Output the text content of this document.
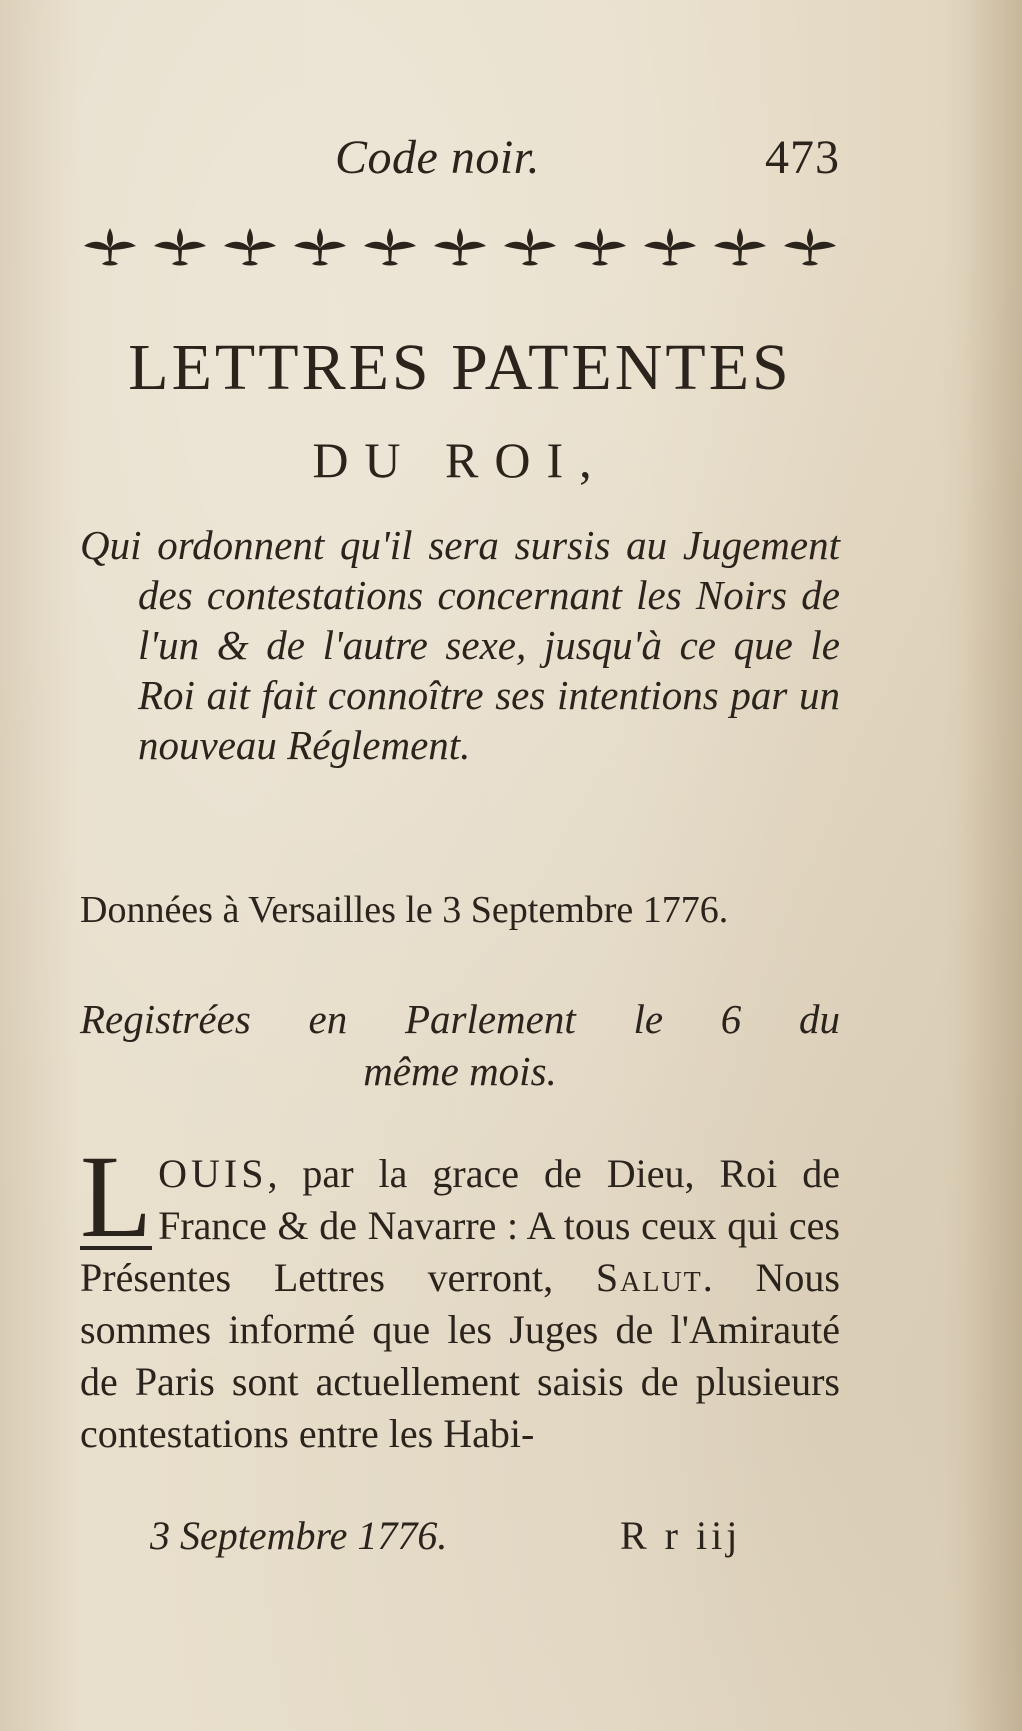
Code noir.	473
LETTRES PATENTES
DU ROI,
Qui ordonnent qu'il sera sursis au Jugement des contestations concernant les Noirs de l'un & de l'autre sexe, jusqu'à ce que le Roi ait fait connoître ses intentions par un nouveau Réglement.
Données à Versailles le 3 Septembre 1776.
Registrées en Parlement le 6 du
même mois.
L OUIS, par la grace de Dieu, Roi de France & de Navarre : A tous ceux qui ces Présentes Lettres verront, Salut. Nous sommes informé que les Juges de l'Amirauté de Paris sont actuellement saisis de plusieurs contestations entre les Habi-
3 Septembre 1776.	R r iij
